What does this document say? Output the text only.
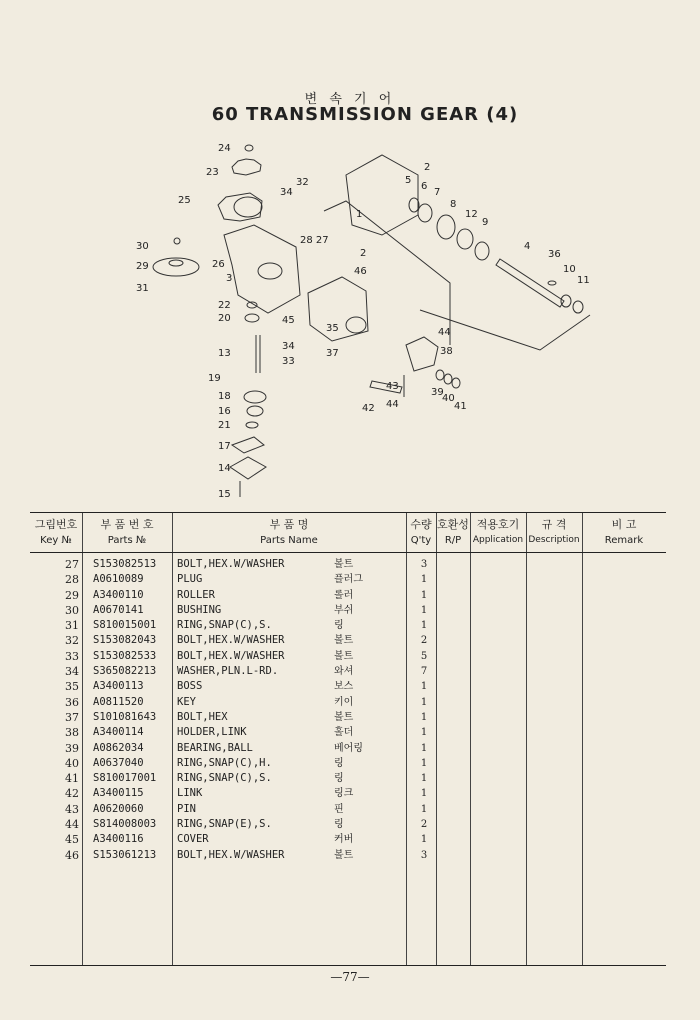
변 속 기 어
60 TRANSMISSION GEAR (4)
24
23
32
34
25
28 27
30
29	26
3
31
22
20
13
19
18
16
21
17
14
15
2
5
6
7
8
12
9
1
2
46
45
35
34
33
37
44
38
4
36
10
11
43
39
40
41
42 44
그림번호
Key №
부 품 번 호
Parts №
부 품 명
Parts Name
수량
Q'ty
호환성
R/P
적용호기
Application
규 격
Description
비 고
Remark
27 S153082513 BOLT,HEX.W/WASHER	볼트	3
28 A0610089	PLUG	플러그	1
29 A3400110	ROLLER	롤러	1
30 A0670141	BUSHING	부쉬	1
31 S810015001 RING,SNAP(C),S.	링	1
32 S153082043 BOLT,HEX.W/WASHER	볼트	2
33 S153082533 BOLT,HEX.W/WASHER	볼트	5
34 S365082213 WASHER,PLN.L-RD.	와셔	7
35 A3400113	BOSS	보스	1
36 A0811520	KEY	키이	1
37 S101081643 BOLT,HEX	볼트	1
38 A3400114	HOLDER,LINK	홀더	1
39 A0862034	BEARING,BALL	베어링	1
40 A0637040	RING,SNAP(C),H.	링	1
41 S810017001 RING,SNAP(C),S.	링	1
42 A3400115	LINK	링크	1
43 A0620060	PIN	핀	1
44 S814008003 RING,SNAP(E),S.	링	2
45 A3400116	COVER	커버	1
46 S153061213 BOLT,HEX.W/WASHER	볼트	3
—77—
